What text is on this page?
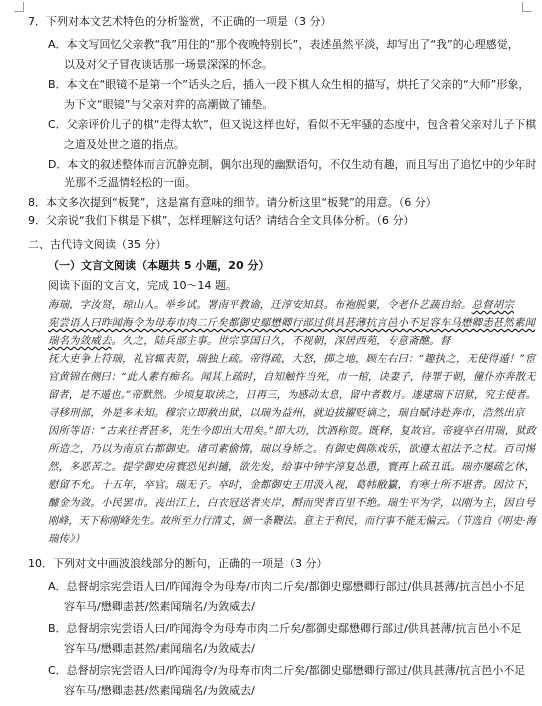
7．下列对本文艺术特色的分析鉴赏，不正确的一项是（3 分）
A．本文写回忆父亲教“我”用住的“那个夜晚特别长”，表述虽然平淡，却写出了“我”的心理感觉，
以及对父子冒夜谈话那一场景深深的怀念。
B．本文在“眼镜不是第一个”话头之后，插入一段下棋人众生相的描写，烘托了父亲的“大师”形象，
为下文“眼镜”与父亲对弈的高潮做了铺垫。
C．父亲评价儿子的棋“走得太软”，但又说这样也好，看似不无牢骚的态度中，包含着父亲对儿子下棋
之道及处世之道的指点。
D．本文的叙述整体而言沉静克制，偶尔出现的幽默语句，不仅生动有趣，而且写出了追忆中的少年时
光那不乏温情轻松的一面。
8．本文多次提到“板凳”，这是富有意味的细节。请分析这里“板凳”的用意。（6 分）
9．父亲说“我们下棋是下棋”，怎样理解这句话？请结合全文具体分析。（6 分）
二、古代诗文阅读（35 分）
（一）文言文阅读（本题共 5 小题，20 分）
阅读下面的文言文，完成 10～14 题。
海瑞，字汝贤，琼山人。举乡试。署南平教谕，迁淳安知县。布袍脱粟，令老仆艺蔬自给。总督胡宗
宪尝语人曰昨闻海令为母寿市肉二斤矣都御史鄢懋卿行部过供具甚薄抗言邑小不足容车马懋卿恚甚然素闻
瑞名为敛威去。久之，陆兵部主事。世宗享国日久，不视朝，深居西苑，专意斋醮。督
抚大吏争上符瑞，礼官辄表贺，瑞独上疏。帝得疏，大怒，掷之地，顾左右曰：“趣执之，无使得遁！”宦
官黄锦在侧曰：“此人素有痴名。闻其上疏时，自知触忤当死，市一棺，诀妻子，待罪于朝，僮仆亦奔散无
留者，是不遁也。”帝默然。少顷复取读之，日再三，为感动太息，留中者数月。遂逮瑞下诏狱，究主使者。
寻移刑部，外是多未知。穆宗立即赦出狱，以瑞为益州，就迫拔擢贬谪之，瑞自赋诗赴奔市，浩然出京
因所等语：“古来往者甚多，先生今即出大用矣。”即大功，饮酒称贺。既释，复故官。帝寝卒召用瑞，狱政
所造之，乃以为南京右都御史。诸司素偷惰，瑞以身矫之。有御史偶陈戏乐，欲遵太祖法予之杖。百司惕
然，多恶苦之。提学御史房寰恐见纠擿，欲先发，给事中钟宇淳复怂恿，寰再上疏丑诋。瑞亦屡疏乞休，
慰留不允。十五年，卒官。瑞无子。卒时，金都御史王用汲入视，葛帏敝籯，有寒士所不堪者。因泣下，
醵金为敛。小民罢市。丧出江上，白衣冠送者夹岸，酹而哭者百里不绝。瑞生平为学，以刚为主，因自号
刚峰，天下称刚峰先生。故所至力行清丈，颁一条鞭法。意主于利民，而行事不能无偏云。（节选自《明史·海
瑞传》）
10．下列对文中画波浪线部分的断句，正确的一项是（3 分）
A．总督胡宗宪尝语人曰/昨闻海令为母寿/市肉二斤矣/都御史鄢懋卿行部过/供具甚薄/抗言邑小不足
容车马/懋卿恚甚/然素闻瑞名/为敛威去/
B．总督胡宗宪尝语人曰/昨闻海令为母寿市肉二斤矣/都御史鄢懋卿行部过/供具甚薄/抗言邑小不足
容车马/懋卿恚甚然/素闻瑞名/为敛威去/
C．总督胡宗宪尝语人曰/昨闻海令/为母寿市肉二斤矣/都御史鄢懋卿行部过/供具甚薄/抗言邑小不足
容车马/懋卿恚甚/然素闻瑞名/为敛威去/
